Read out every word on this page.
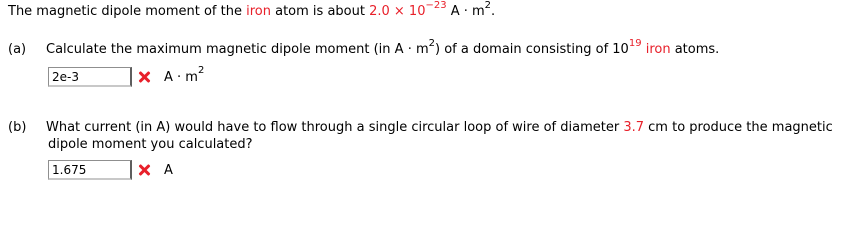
The magnetic dipole moment of the iron atom is about $2.0 \times 10^{-23}$ $A \cdot m^2$.
(a) Calculate the maximum magnetic dipole moment (in $A \cdot m^2$) of a domain consisting of $10^{19}$ iron atoms.
2e-3	$A \cdot m^2$
(b) What current (in A) would have to flow through a single circular loop of wire of diameter 3.7 cm to produce the magnetic
dipole moment you calculated?
1.675	A
